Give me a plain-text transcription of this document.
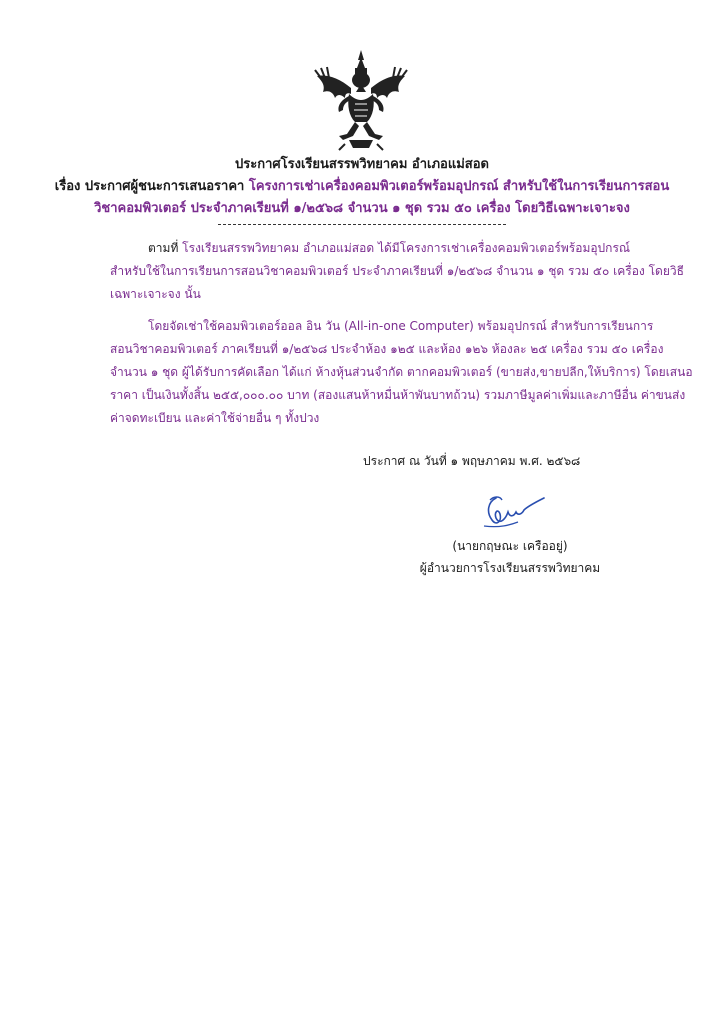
ประกาศโรงเรียนสรรพวิทยาคม อำเภอแม่สอด
เรื่อง ประกาศผู้ชนะการเสนอราคา โครงการเช่าเครื่องคอมพิวเตอร์พร้อมอุปกรณ์ สำหรับใช้ในการเรียนการสอน
วิชาคอมพิวเตอร์ ประจำภาคเรียนที่ ๑/๒๕๖๘ จำนวน ๑ ชุด รวม ๕๐ เครื่อง โดยวิธีเฉพาะเจาะจง
ตามที่ โรงเรียนสรรพวิทยาคม อำเภอแม่สอด ได้มีโครงการเช่าเครื่องคอมพิวเตอร์พร้อมอุปกรณ์
สำหรับใช้ในการเรียนการสอนวิชาคอมพิวเตอร์ ประจำภาคเรียนที่ ๑/๒๕๖๘ จำนวน ๑ ชุด รวม ๕๐ เครื่อง โดยวิธี
เฉพาะเจาะจง นั้น
โดยจัดเช่าใช้คอมพิวเตอร์ออล อิน วัน (All-in-one Computer) พร้อมอุปกรณ์ สำหรับการเรียนการ
สอนวิชาคอมพิวเตอร์ ภาคเรียนที่ ๑/๒๕๖๘ ประจำห้อง ๑๒๕ และห้อง ๑๒๖ ห้องละ ๒๕ เครื่อง รวม ๕๐ เครื่อง
จำนวน ๑ ชุด ผู้ได้รับการคัดเลือก ได้แก่ ห้างหุ้นส่วนจำกัด ตากคอมพิวเตอร์ (ขายส่ง,ขายปลีก,ให้บริการ) โดยเสนอ
ราคา เป็นเงินทั้งสิ้น ๒๕๕,๐๐๐.๐๐ บาท (สองแสนห้าหมื่นห้าพันบาทถ้วน) รวมภาษีมูลค่าเพิ่มและภาษีอื่น ค่าขนส่ง
ค่าจดทะเบียน และค่าใช้จ่ายอื่น ๆ ทั้งปวง
ประกาศ ณ วันที่ ๑ พฤษภาคม พ.ศ. ๒๕๖๘
(นายกฤษณะ เครืออยู่)
ผู้อำนวยการโรงเรียนสรรพวิทยาคม
